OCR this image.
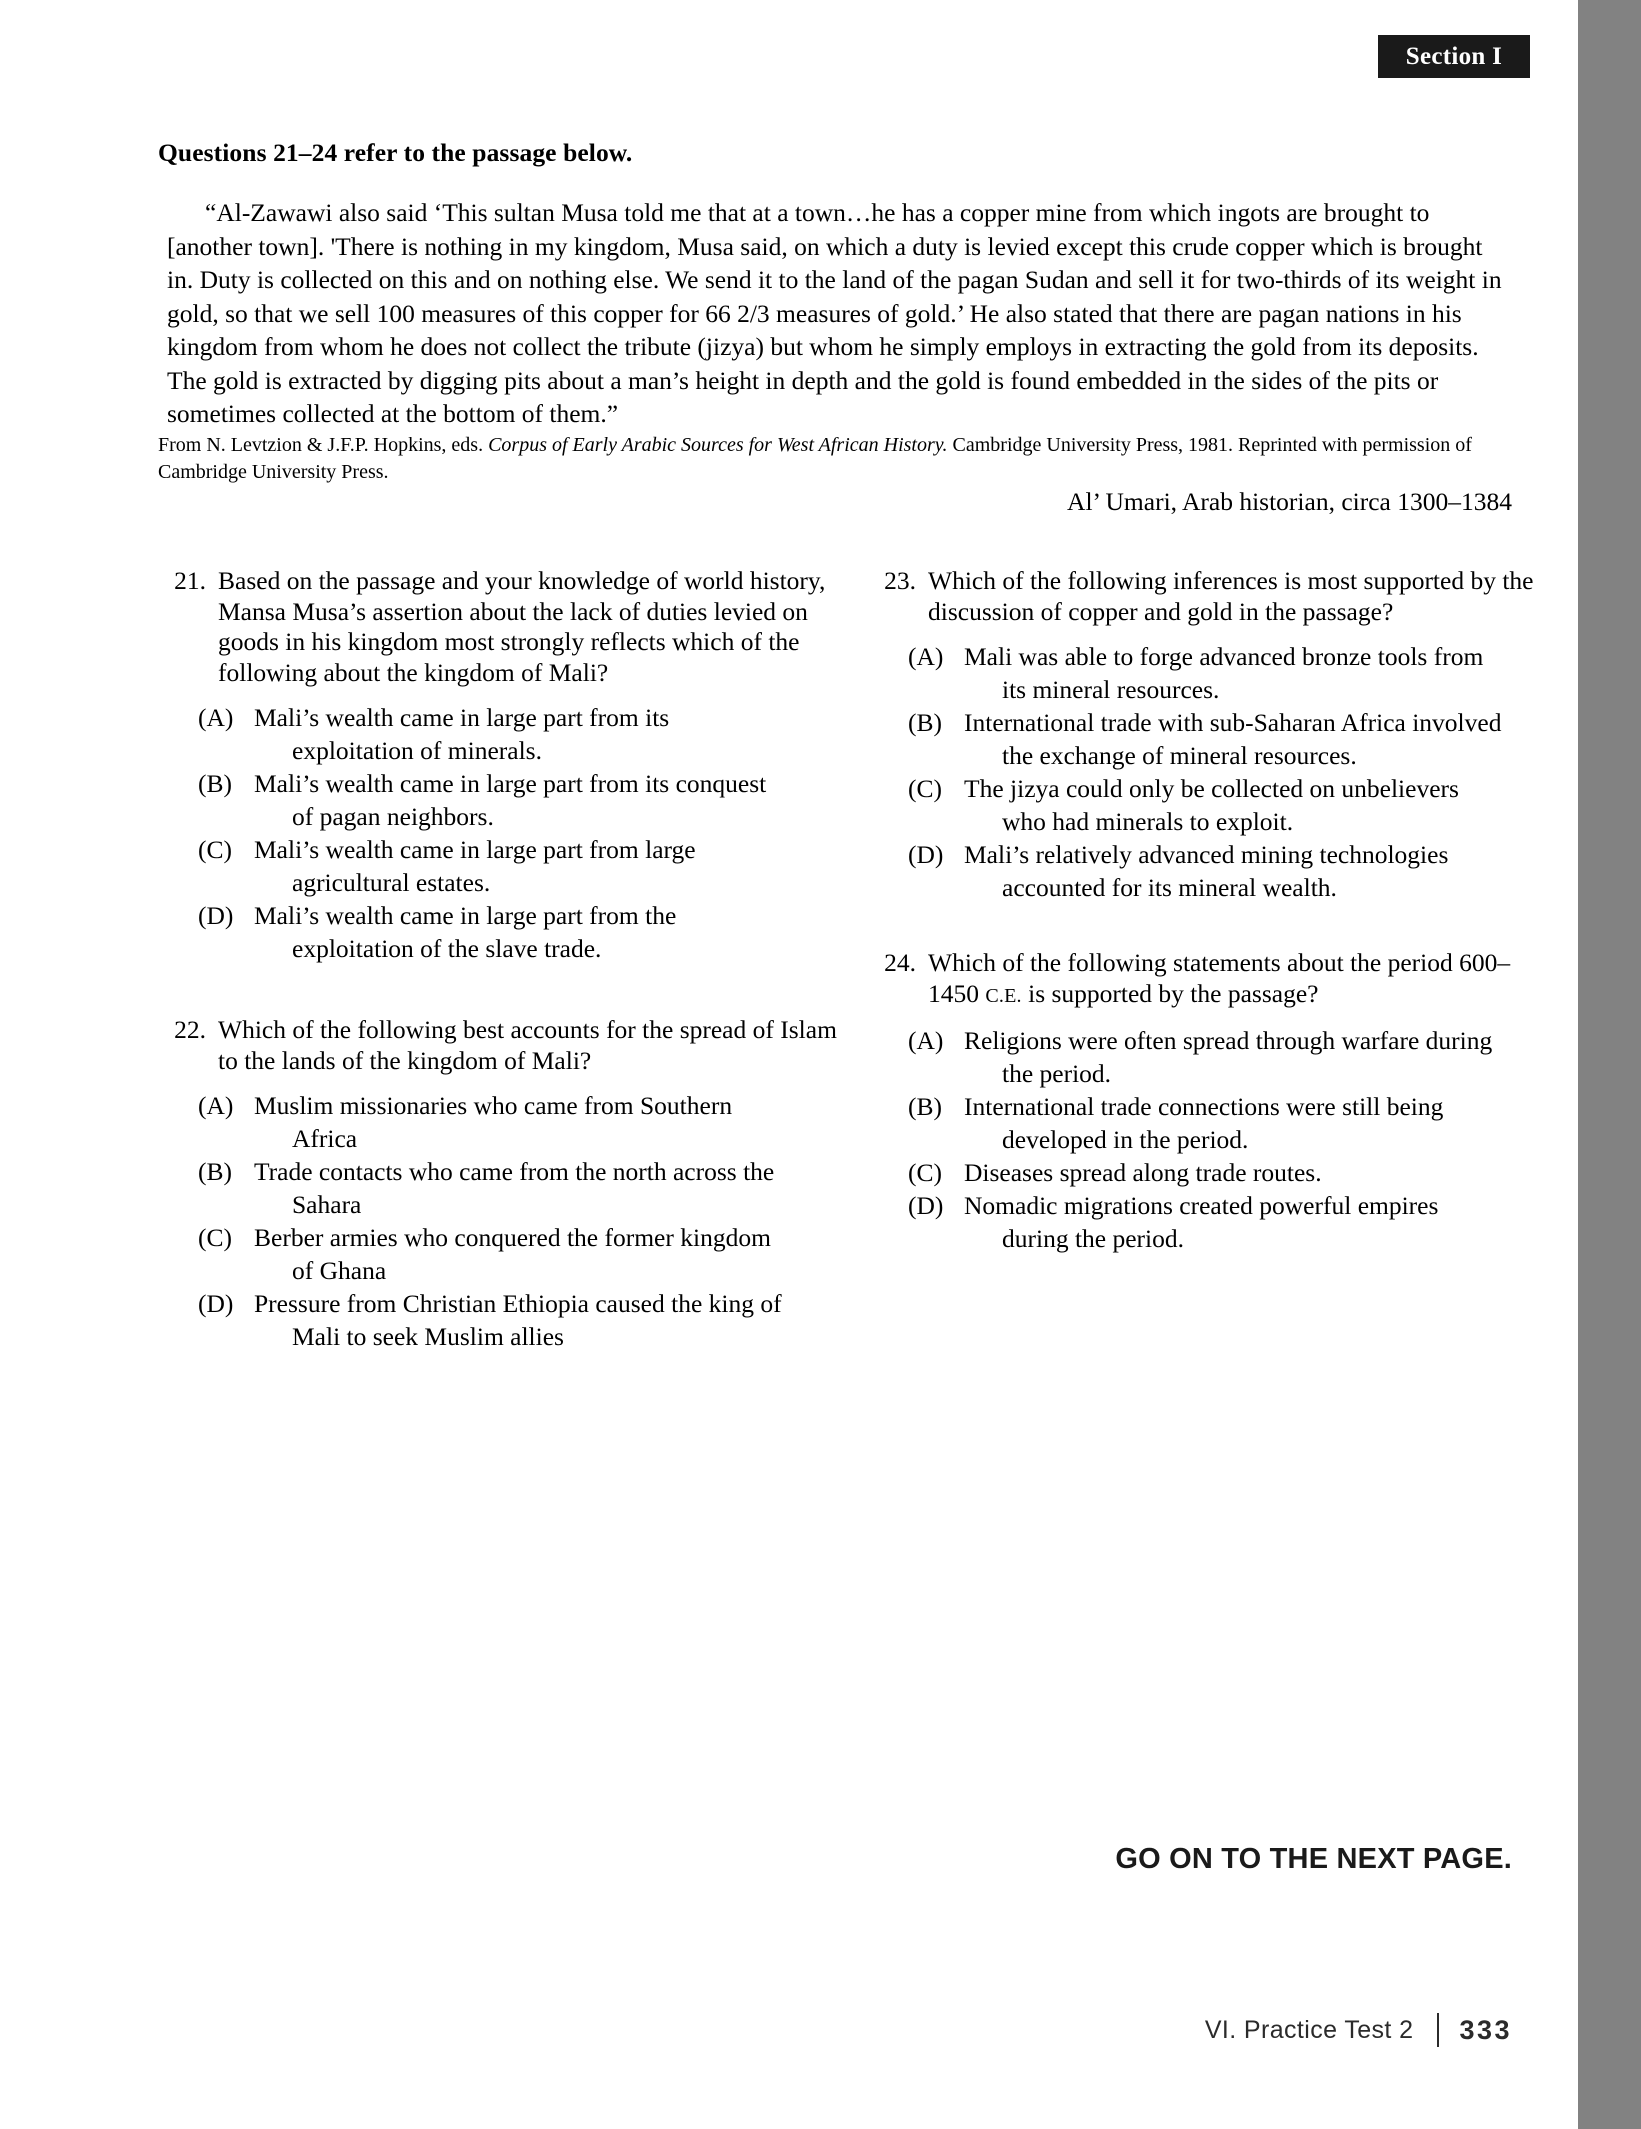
Section I
Questions 21–24 refer to the passage below.
“Al-Zawawi also said ‘This sultan Musa told me that at a town…he has a copper mine from which ingots are brought to [another town]. 'There is nothing in my kingdom, Musa said, on which a duty is levied except this crude copper which is brought in. Duty is collected on this and on nothing else. We send it to the land of the pagan Sudan and sell it for two-thirds of its weight in gold, so that we sell 100 measures of this copper for 66 2/3 measures of gold.’ He also stated that there are pagan nations in his kingdom from whom he does not collect the tribute (jizya) but whom he simply employs in extracting the gold from its deposits. The gold is extracted by digging pits about a man’s height in depth and the gold is found embedded in the sides of the pits or sometimes collected at the bottom of them.”
From N. Levtzion & J.F.P. Hopkins, eds. Corpus of Early Arabic Sources for West African History. Cambridge University Press, 1981. Reprinted with permission of Cambridge University Press.
Al’ Umari, Arab historian, circa 1300–1384
21. Based on the passage and your knowledge of world history, Mansa Musa’s assertion about the lack of duties levied on goods in his kingdom most strongly reflects which of the following about the kingdom of Mali?
(A) Mali’s wealth came in large part from its
exploitation of minerals.
(B) Mali’s wealth came in large part from its conquest
of pagan neighbors.
(C) Mali’s wealth came in large part from large
agricultural estates.
(D) Mali’s wealth came in large part from the
exploitation of the slave trade.
22. Which of the following best accounts for the spread of Islam to the lands of the kingdom of Mali?
(A) Muslim missionaries who came from Southern
Africa
(B) Trade contacts who came from the north across the
Sahara
(C) Berber armies who conquered the former kingdom
of Ghana
(D) Pressure from Christian Ethiopia caused the king of
Mali to seek Muslim allies
23. Which of the following inferences is most supported by the discussion of copper and gold in the passage?
(A) Mali was able to forge advanced bronze tools from
its mineral resources.
(B) International trade with sub-Saharan Africa involved
the exchange of mineral resources.
(C) The jizya could only be collected on unbelievers
who had minerals to exploit.
(D) Mali’s relatively advanced mining technologies
accounted for its mineral wealth.
24. Which of the following statements about the period 600–1450 C.E. is supported by the passage?
(A) Religions were often spread through warfare during
the period.
(B) International trade connections were still being
developed in the period.
(C) Diseases spread along trade routes.
(D) Nomadic migrations created powerful empires
during the period.
GO ON TO THE NEXT PAGE.
VI. Practice Test 2 333
